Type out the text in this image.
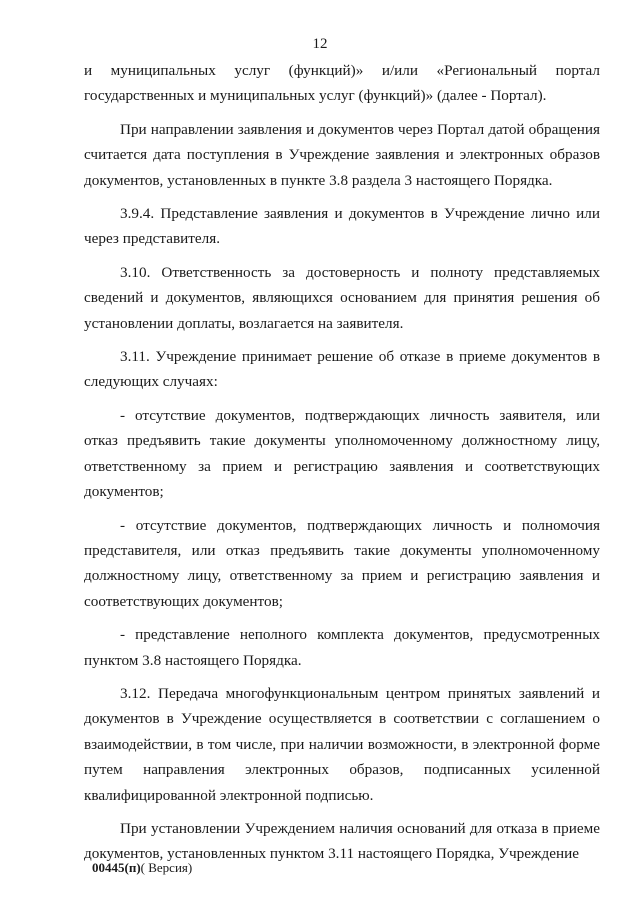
12

и муниципальных услуг (функций)» и/или «Региональный портал государственных и муниципальных услуг (функций)» (далее - Портал).

При направлении заявления и документов через Портал датой обращения считается дата поступления в Учреждение заявления и электронных образов документов, установленных в пункте 3.8 раздела 3 настоящего Порядка.

3.9.4. Представление заявления и документов в Учреждение лично или через представителя.

3.10. Ответственность за достоверность и полноту представляемых сведений и документов, являющихся основанием для принятия решения об установлении доплаты, возлагается на заявителя.

3.11. Учреждение принимает решение об отказе в приеме документов в следующих случаях:

- отсутствие документов, подтверждающих личность заявителя, или отказ предъявить такие документы уполномоченному должностному лицу, ответственному за прием и регистрацию заявления и соответствующих документов;

- отсутствие документов, подтверждающих личность и полномочия представителя, или отказ предъявить такие документы уполномоченному должностному лицу, ответственному за прием и регистрацию заявления и соответствующих документов;

- представление неполного комплекта документов, предусмотренных пунктом 3.8 настоящего Порядка.

3.12. Передача многофункциональным центром принятых заявлений и документов в Учреждение осуществляется в соответствии с соглашением о взаимодействии, в том числе, при наличии возможности, в электронной форме путем направления электронных образов, подписанных усиленной квалифицированной электронной подписью.

При установлении Учреждением наличия оснований для отказа в приеме документов, установленных пунктом 3.11 настоящего Порядка, Учреждение

00445(п)( Версия)
